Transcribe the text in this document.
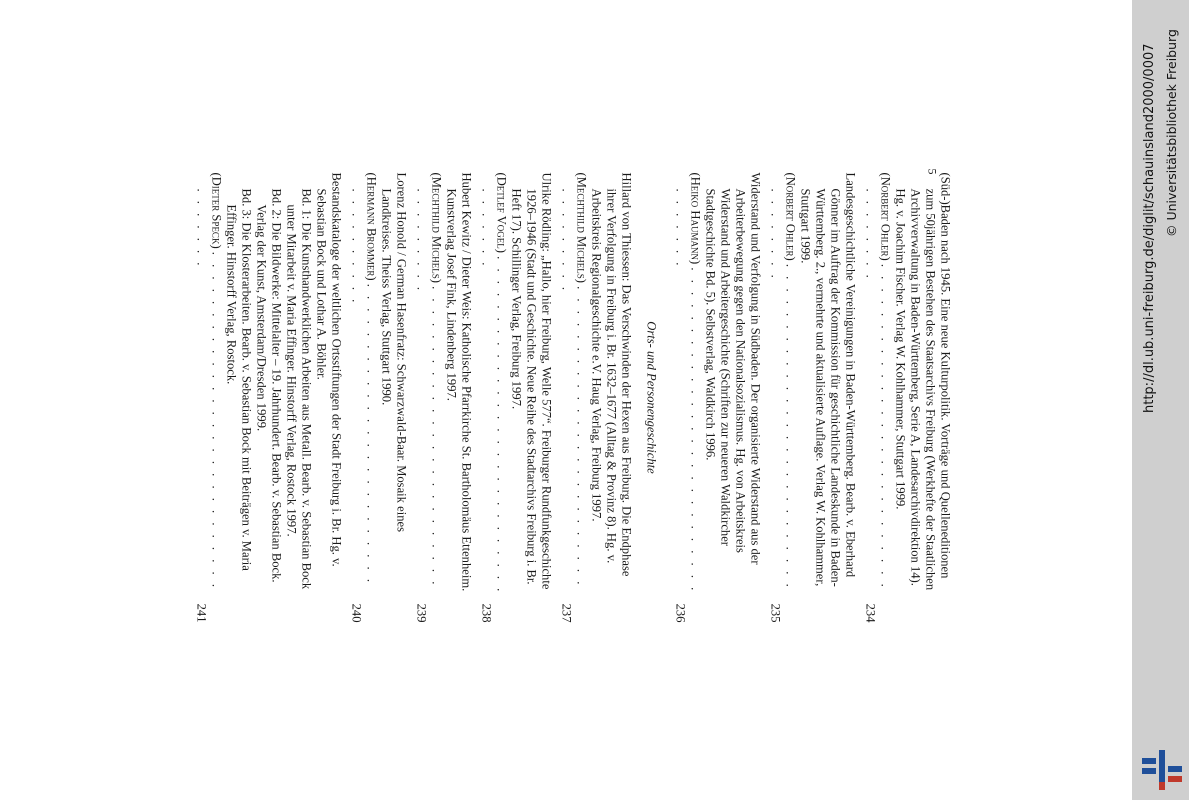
(Süd-)Baden nach 1945. Eine neue Kulturpolitik. Vorträge und Quelleneditionen zum 50jährigen Bestehen des Staatsarchivs Freiburg (Werkhefte der Staatlichen Archivverwaltung in Baden-Württemberg, Serie A, Landesarchivdirektion 14). Hg. v. Joachim Fischer. Verlag W. Kohlhammer, Stuttgart 1999.
(Norbert Ohler) . . . . . . . . . . . . . . . . . . . . . . . . . . . . . . . . . . .
234
Landesgeschichtliche Vereinigungen in Baden-Württemberg. Bearb. v. Eberhard Gönner im Auftrag der Kommission für geschichtliche Landeskunde in Baden-Württemberg. 2., vermehrte und aktualisierte Auflage. Verlag W. Kohlhammer, Stuttgart 1999.
(Norbert Ohler) . . . . . . . . . . . . . . . . . . . . . . . . . . . . . . . . . . .
235
Widerstand und Verfolgung in Südbaden. Der organisierte Widerstand aus der Arbeiterbewegung gegen den Nationalsozialismus. Hg. von Arbeitskreis Widerstand und Arbeitergeschichte (Schriften zur neueren Waldkircher Stadtgeschichte Bd. 5). Selbstverlag, Waldkirch 1996.
(Heiko Haumann) . . . . . . . . . . . . . . . . . . . . . . . . . . . . . . . . . .
236
Orts- und Personengeschichte
Hillard von Thiessen: Das Verschwinden der Hexen aus Freiburg. Die Endphase ihrer Verfolgung in Freiburg i. Br. 1632–1677 (Alltag & Provinz 8). Hg. v. Arbeitskreis Regionalgeschichte e.V. Haug Verlag, Freiburg 1997.
(Mechthild Michels) . . . . . . . . . . . . . . . . . . . . . . . . . . . . . . . . . .
237
Ulrike Rödling: „Hallo, hier Freiburg, Welle 577“. Freiburger Rundfunkgeschichte 1926–1946 (Stadt und Geschichte. Neue Reihe des Stadtarchivs Freiburg i. Br. Heft 17). Schillinger Verlag, Freiburg 1997.
(Detlef Vogel) . . . . . . . . . . . . . . . . . . . . . . . . . . . . . . . . . . .
238
Hubert Kewitz / Dieter Weis: Katholische Pfarrkirche St. Bartholomäus Ettenheim. Kunstverlag Josef Fink, Lindenberg 1997.
(Mechthild Michels) . . . . . . . . . . . . . . . . . . . . . . . . . . . . . . . . . .
239
Lorenz Honold / German Hasenfratz: Schwarzwald-Baar. Mosaik eines Landkreises. Theiss Verlag, Stuttgart 1990.
(Hermann Brommer) . . . . . . . . . . . . . . . . . . . . . . . . . . . . . . . . . . .
240
Bestandskataloge der weltlichen Ortsstiftungen der Stadt Freiburg i. Br. Hg. v. Sebastian Bock und Lothar A. Böhler.
Bd. 1: Die Kunsthandwerklichen Arbeiten aus Metall. Bearb. v. Sebastian Bock unter Mitarbeit v. Maria Effinger. Hinstorff Verlag, Rostock 1997.
Bd. 2: Die Bildwerke: Mittelalter – 19. Jahrhundert. Bearb. v. Sebastian Bock. Verlag der Kunst, Amsterdam/Dresden 1999.
Bd. 3: Die Klosterarbeiten. Bearb. v. Sebastian Bock mit Beiträgen v. Maria Effinger. Hinstorff Verlag, Rostock.
(Dieter Speck) . . . . . . . . . . . . . . . . . . . . . . . . . . . . . . . . . . .
241
5	http://dl.ub.uni-freiburg.de/diglit/schauinsland2000/0007 © Universitätsbibliothek Freiburg
